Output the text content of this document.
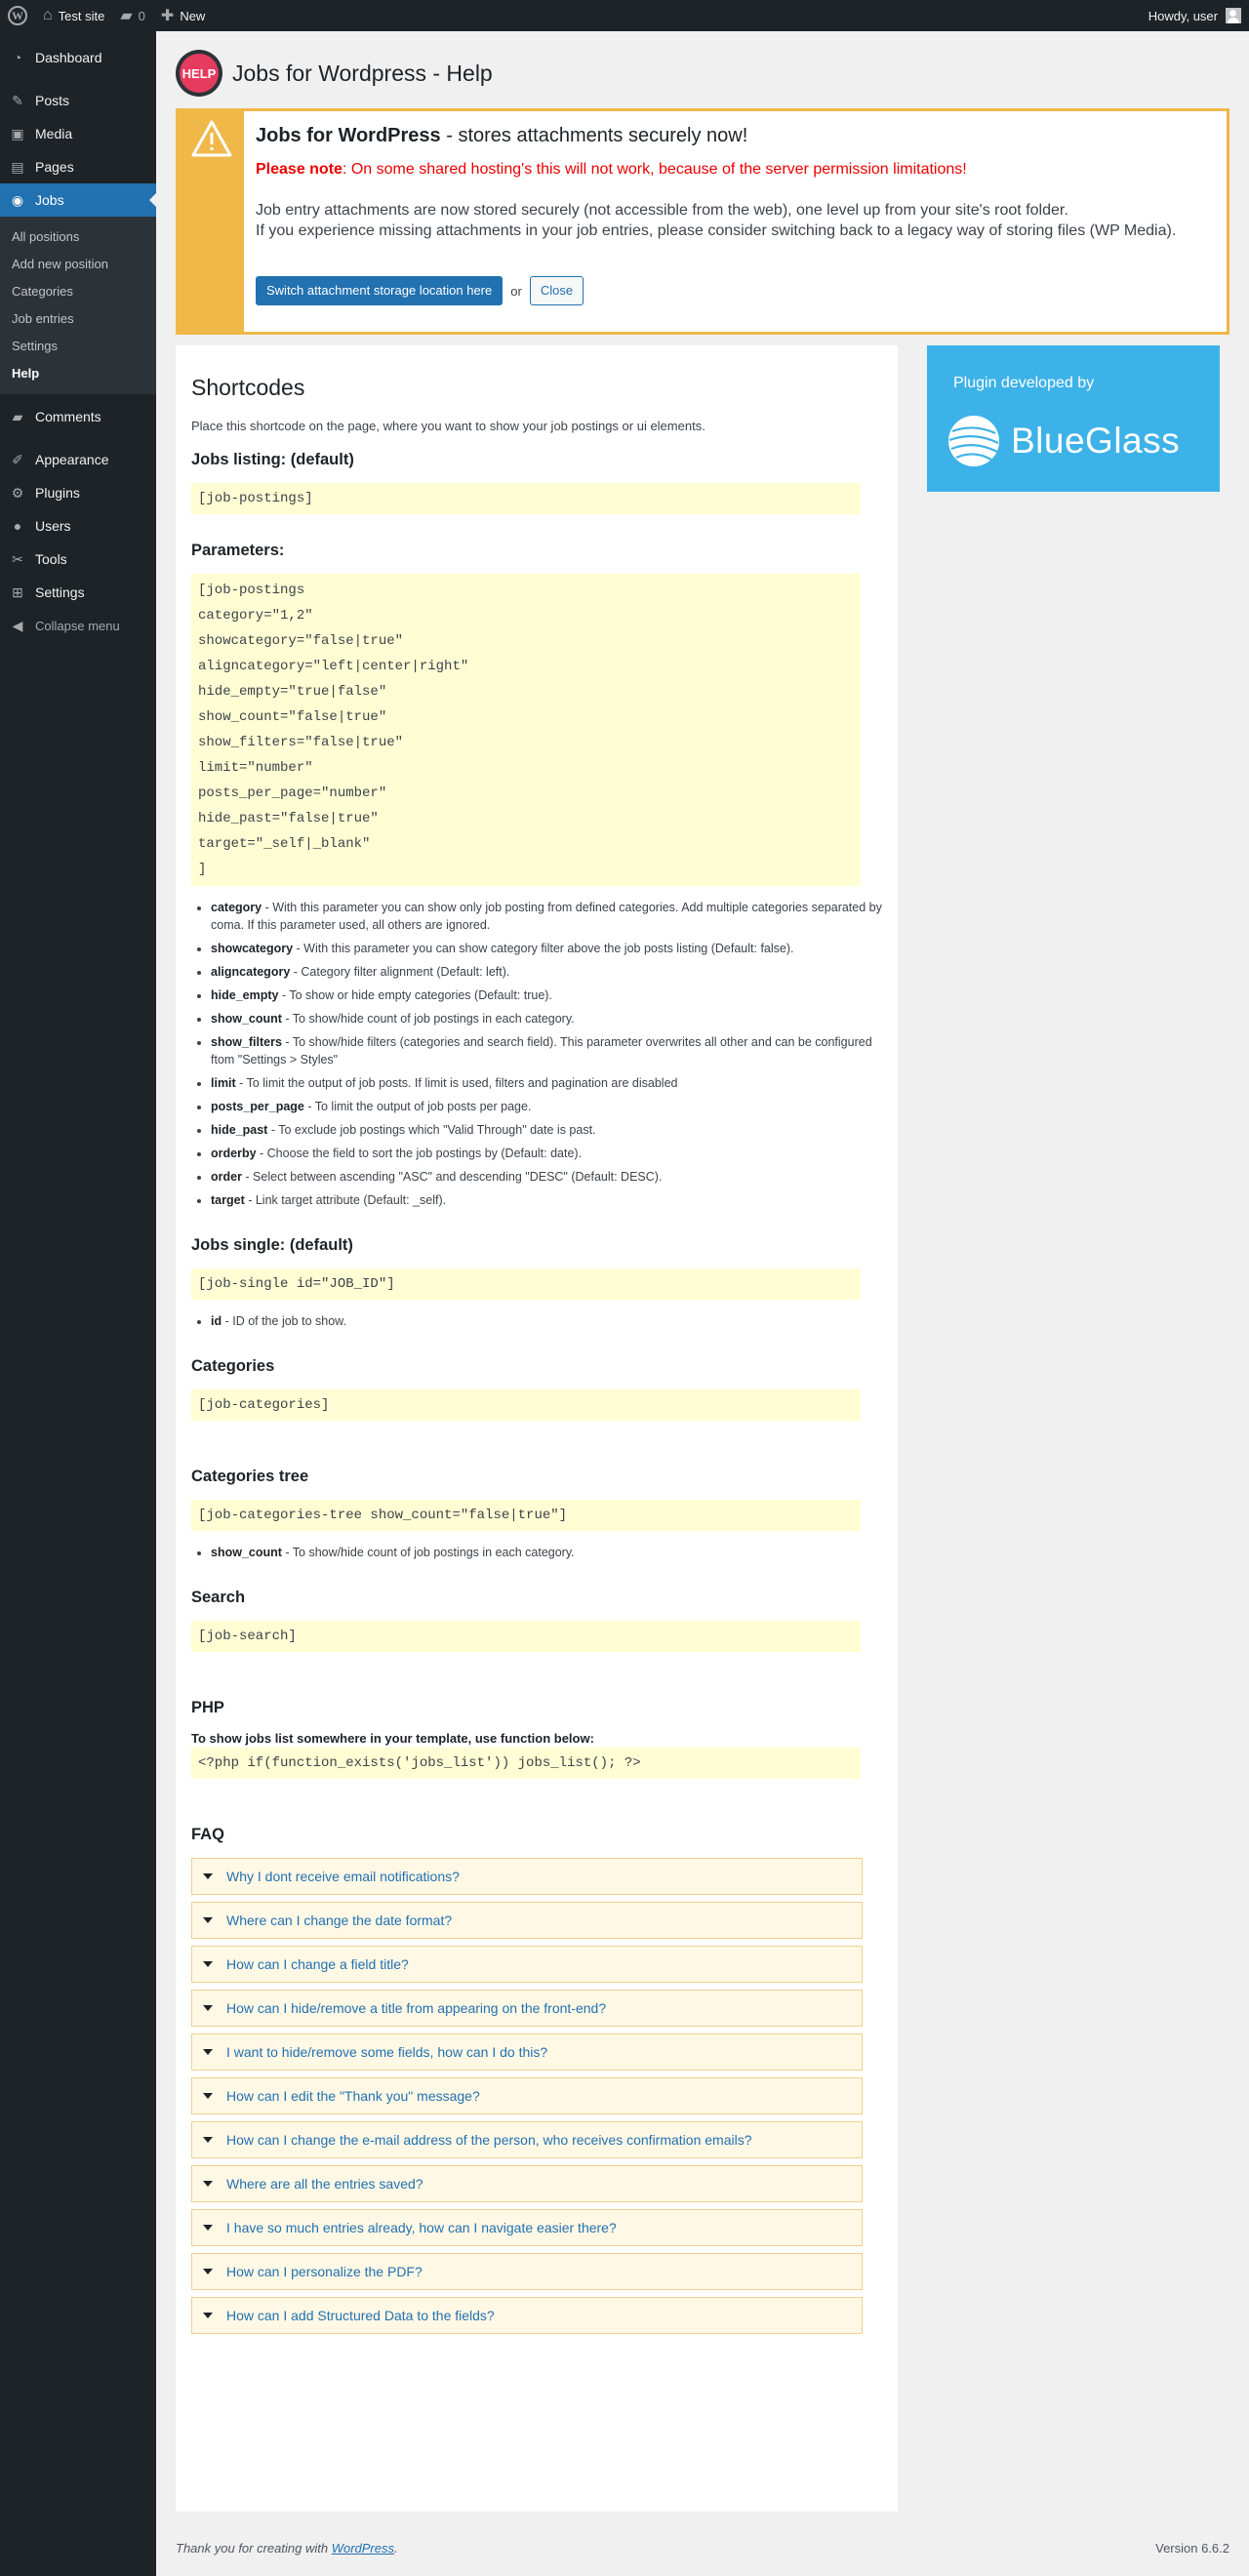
W ⌂ Test site ▰ 0 ✚ New	Howdy, user
◔ Dashboard
✎ Posts
▣ Media
▤ Pages
◉ Jobs
All positions
Add new position
Categories
Job entries
Settings
Help
▰ Comments
✐ Appearance
⚙ Plugins
● Users
✂ Tools
⊞ Settings
◀ Collapse menu
HELP Jobs for Wordpress - Help
Jobs for WordPress - stores attachments securely now!
Please note: On some shared hosting's this will not work, because of the server permission limitations!
Job entry attachments are now stored securely (not accessible from the web), one level up from your site's root folder.
If you experience missing attachments in your job entries, please consider switching back to a legacy way of storing files (WP Media).
Switch attachment storage location here	or	Close
Plugin developed by
BlueGlass
Shortcodes

Place this shortcode on the page, where you want to show your job postings or ui elements.

Jobs listing: (default)
[job-postings]
Parameters:
[job-postings
category="1,2"
showcategory="false|true"
aligncategory="left|center|right"
hide_empty="true|false"
show_count="false|true"
show_filters="false|true"
limit="number"
posts_per_page="number"
hide_past="false|true"
target="_self|_blank"
]
• category - With this parameter you can show only job posting from defined categories. Add multiple categories separated by coma. If this parameter used, all others are ignored.
• showcategory - With this parameter you can show category filter above the job posts listing (Default: false).
• aligncategory - Category filter alignment (Default: left).
• hide_empty - To show or hide empty categories (Default: true).
• show_count - To show/hide count of job postings in each category.
• show_filters - To show/hide filters (categories and search field). This parameter overwrites all other and can be configured ftom "Settings > Styles"
• limit - To limit the output of job posts. If limit is used, filters and pagination are disabled
• posts_per_page - To limit the output of job posts per page.
• hide_past - To exclude job postings which "Valid Through" date is past.
• orderby - Choose the field to sort the job postings by (Default: date).
• order - Select between ascending "ASC" and descending "DESC" (Default: DESC).
• target - Link target attribute (Default: _self).
Jobs single: (default)
[job-single id="JOB_ID"]
• id - ID of the job to show.
Categories
[job-categories]
Categories tree
[job-categories-tree show_count="false|true"]
• show_count - To show/hide count of job postings in each category.
Search
[job-search]
PHP
To show jobs list somewhere in your template, use function below:
<?php if(function_exists('jobs_list')) jobs_list(); ?>
FAQ
Why I dont receive email notifications?
Where can I change the date format?
How can I change a field title?
How can I hide/remove a title from appearing on the front-end?
I want to hide/remove some fields, how can I do this?
How can I edit the "Thank you" message?
How can I change the e-mail address of the person, who receives confirmation emails?
Where are all the entries saved?
I have so much entries already, how can I navigate easier there?
How can I personalize the PDF?
How can I add Structured Data to the fields?
Thank you for creating with WordPress.	Version 6.6.2
